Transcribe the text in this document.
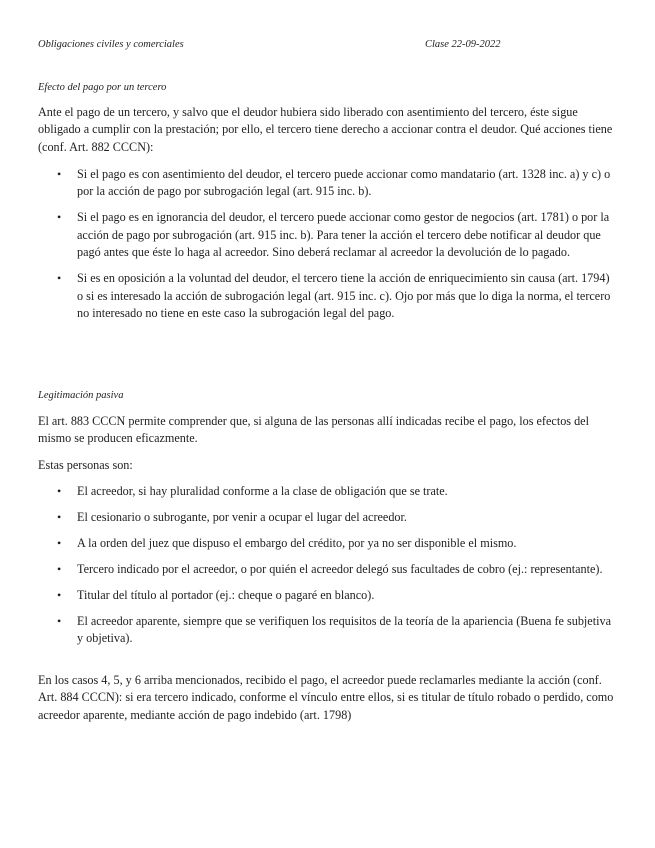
Obligaciones civiles y comerciales	Clase 22-09-2022
Efecto del pago por un tercero

Ante el pago de un tercero, y salvo que el deudor hubiera sido liberado con asentimiento del tercero, éste sigue obligado a cumplir con la prestación; por ello, el tercero tiene derecho a accionar contra el deudor. Qué acciones tiene (conf. Art. 882 CCCN):

• Si el pago es con asentimiento del deudor, el tercero puede accionar como mandatario (art. 1328 inc. a) y c) o por la acción de pago por subrogación legal (art. 915 inc. b).
• Si el pago es en ignorancia del deudor, el tercero puede accionar como gestor de negocios (art. 1781) o por la acción de pago por subrogación (art. 915 inc. b). Para tener la acción el tercero debe notificar al deudor que pagó antes que éste lo haga al acreedor. Sino deberá reclamar al acreedor la devolución de lo pagado.
• Si es en oposición a la voluntad del deudor, el tercero tiene la acción de enriquecimiento sin causa (art. 1794) o si es interesado la acción de subrogación legal (art. 915 inc. c). Ojo por más que lo diga la norma, el tercero no interesado no tiene en este caso la subrogación legal del pago.
Legitimación pasiva

El art. 883 CCCN permite comprender que, si alguna de las personas allí indicadas recibe el pago, los efectos del mismo se producen eficazmente.

Estas personas son:

• El acreedor, si hay pluralidad conforme a la clase de obligación que se trate.
• El cesionario o subrogante, por venir a ocupar el lugar del acreedor.
• A la orden del juez que dispuso el embargo del crédito, por ya no ser disponible el mismo.
• Tercero indicado por el acreedor, o por quién el acreedor delegó sus facultades de cobro (ej.: representante).
• Titular del título al portador (ej.: cheque o pagaré en blanco).
• El acreedor aparente, siempre que se verifiquen los requisitos de la teoría de la apariencia (Buena fe subjetiva y objetiva).

En los casos 4, 5, y 6 arriba mencionados, recibido el pago, el acreedor puede reclamarles mediante la acción (conf. Art. 884 CCCN): si era tercero indicado, conforme el vínculo entre ellos, si es titular de título robado o perdido, como acreedor aparente, mediante acción de pago indebido (art. 1798)
